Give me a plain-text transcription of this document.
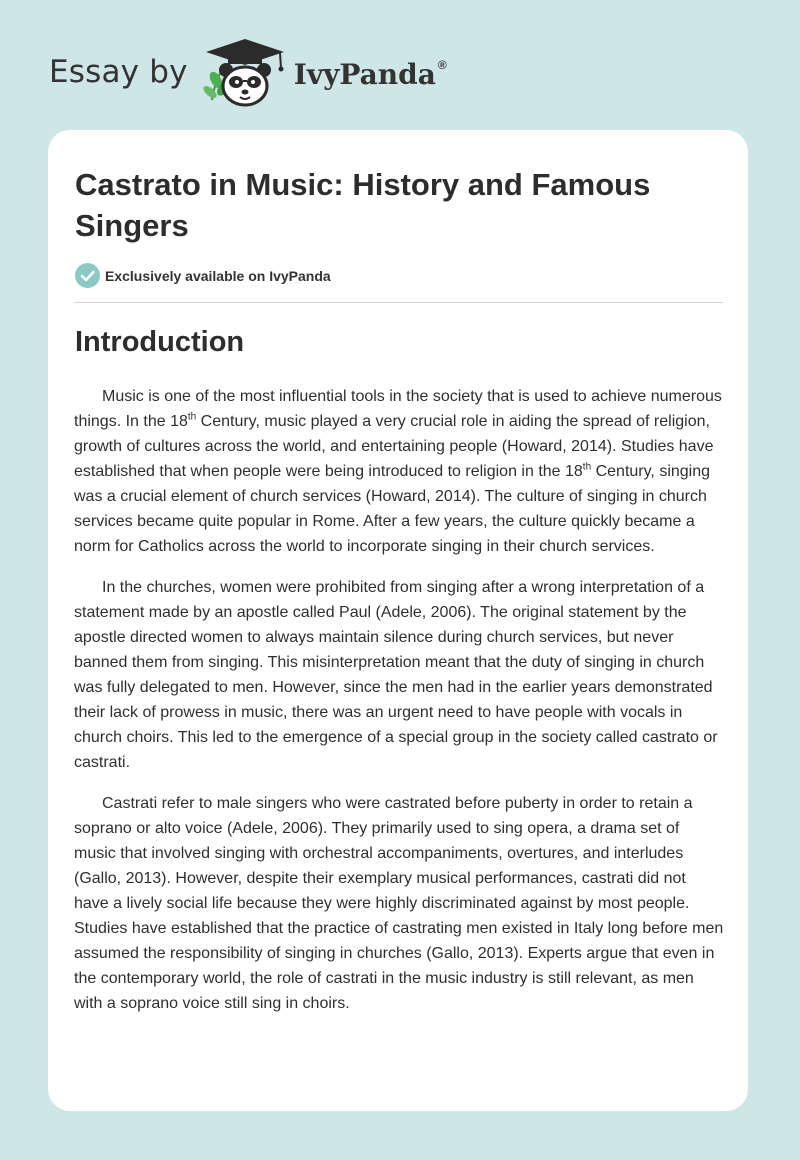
Essay by	IvyPanda ®
Castrato in Music: History and Famous Singers
Exclusively available on IvyPanda
Introduction

Music is one of the most influential tools in the society that is used to achieve numerous things. In the 18th Century, music played a very crucial role in aiding the spread of religion, growth of cultures across the world, and entertaining people (Howard, 2014). Studies have established that when people were being introduced to religion in the 18th Century, singing was a crucial element of church services (Howard, 2014). The culture of singing in church services became quite popular in Rome. After a few years, the culture quickly became a norm for Catholics across the world to incorporate singing in their church services.

In the churches, women were prohibited from singing after a wrong interpretation of a statement made by an apostle called Paul (Adele, 2006). The original statement by the apostle directed women to always maintain silence during church services, but never banned them from singing. This misinterpretation meant that the duty of singing in church was fully delegated to men. However, since the men had in the earlier years demonstrated their lack of prowess in music, there was an urgent need to have people with vocals in church choirs. This led to the emergence of a special group in the society called castrato or castrati.

Castrati refer to male singers who were castrated before puberty in order to retain a soprano or alto voice (Adele, 2006). They primarily used to sing opera, a drama set of music that involved singing with orchestral accompaniments, overtures, and interludes (Gallo, 2013). However, despite their exemplary musical performances, castrati did not have a lively social life because they were highly discriminated against by most people. Studies have established that the practice of castrating men existed in Italy long before men assumed the responsibility of singing in churches (Gallo, 2013). Experts argue that even in the contemporary world, the role of castrati in the music industry is still relevant, as men with a soprano voice still sing in choirs.
